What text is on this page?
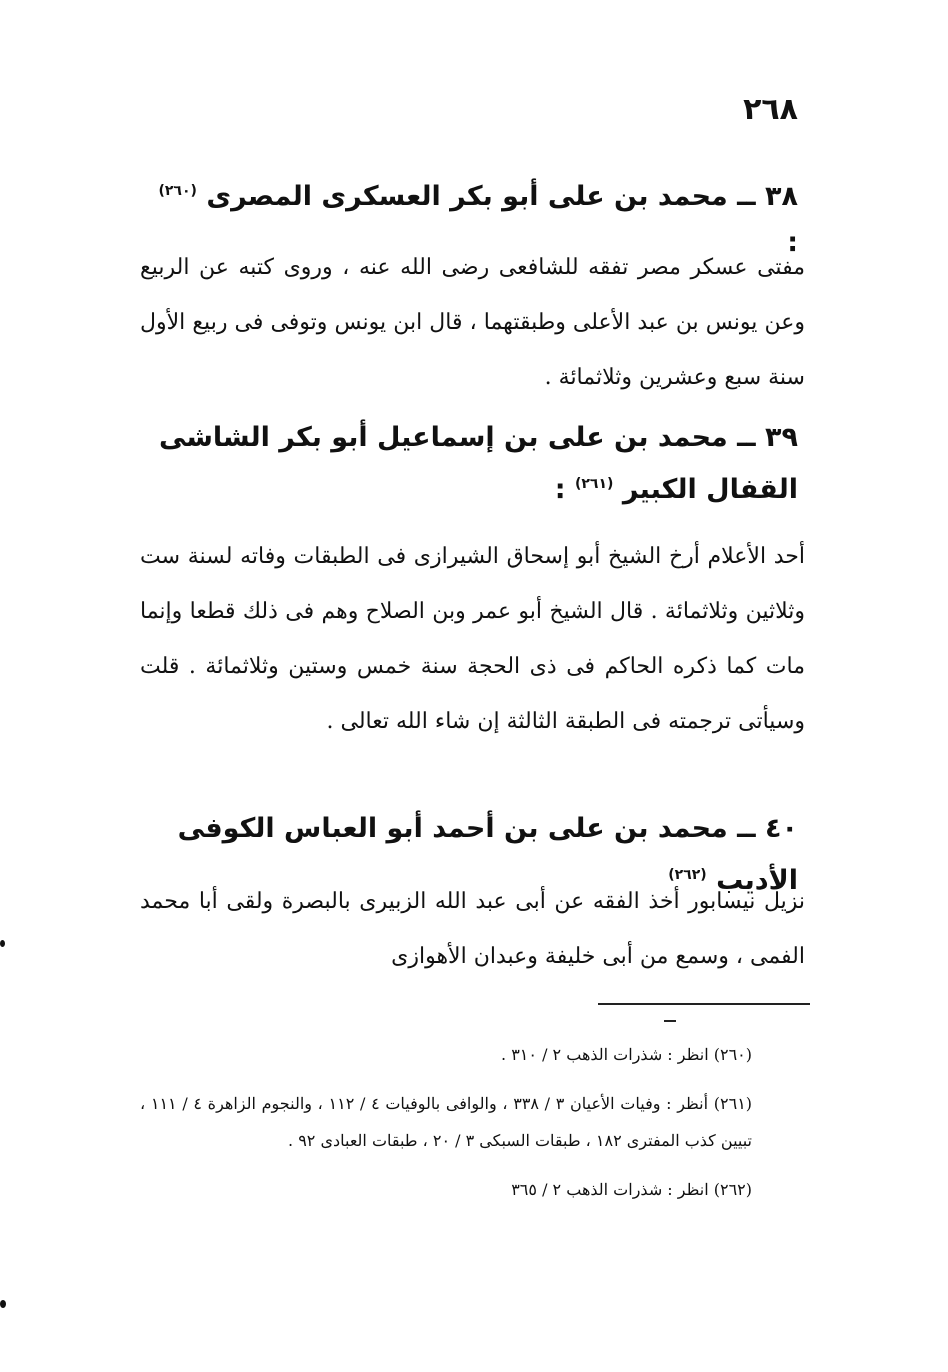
٢٦٨
٣٨ ــ محمد بن على أبو بكر العسكرى المصرى $^{(٢٦٠)}$ :
مفتى عسكر مصر تفقه للشافعى رضى الله عنه ، وروى كتبه عن الربيع وعن يونس بن عبد الأعلى وطبقتهما ، قال ابن يونس وتوفى فى ربيع الأول سنة سبع وعشرين وثلاثمائة .
٣٩ ــ محمد بن على بن إسماعيل أبو بكر الشاشى القفال الكبير $^{(٢٦١)}$ :
أحد الأعلام أرخ الشيخ أبو إسحاق الشيرازى فى الطبقات وفاته لسنة ست وثلاثين وثلاثمائة . قال الشيخ أبو عمر وبن الصلاح وهم فى ذلك قطعا وإنما مات كما ذكره الحاكم فى ذى الحجة سنة خمس وستين وثلاثمائة . قلت وسيأتى ترجمته فى الطبقة الثالثة إن شاء الله تعالى .
٤٠ ــ محمد بن على بن أحمد أبو العباس الكوفى الأديب $^{(٢٦٢)}$
نزيل نيسابور أخذ الفقه عن أبى عبد الله الزبيرى بالبصرة ولقى أبا محمد الفمى ، وسمع من أبى خليفة وعبدان الأهوازى

(٢٦٠) انظر : شذرات الذهب ٢ / ٣١٠ .

(٢٦١) أنظر : وفيات الأعيان ٣ / ٣٣٨ ، والوافى بالوفيات ٤ / ١١٢ ، والنجوم الزاهرة ٤ / ١١١ ، تبيين كذب المفترى ١٨٢ ، طبقات السبكى ٣ / ٢٠ ، طبقات العبادى ٩٢ .

(٢٦٢) انظر : شذرات الذهب ٢ / ٣٦٥
